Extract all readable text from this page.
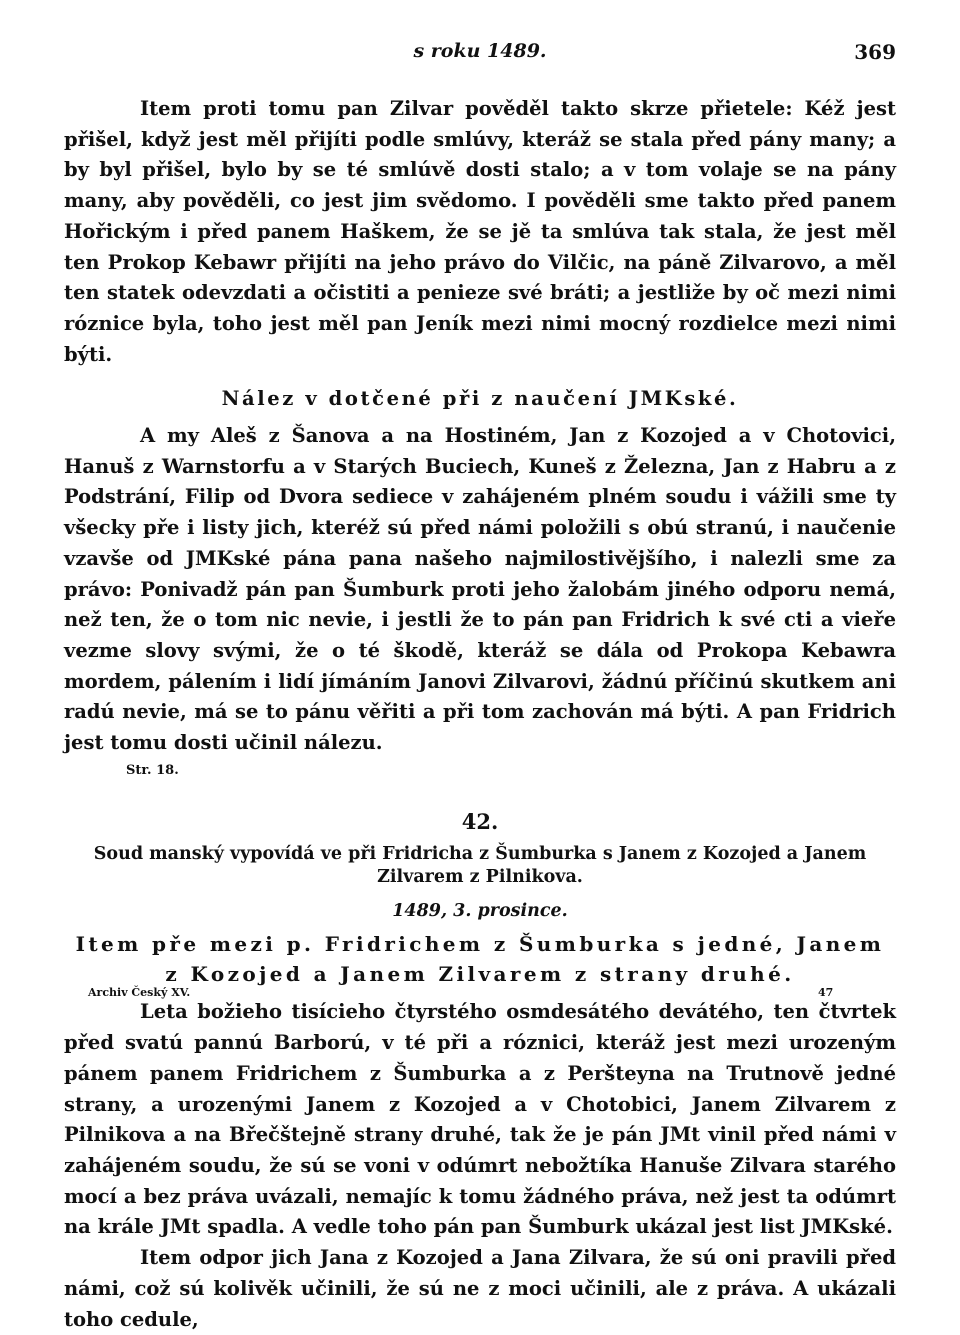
s roku 1489.	369

Item proti tomu pan Zilvar pověděl takto skrze přietele: Kéž jest přišel, když jest měl přijíti podle smlúvy, kteráž se stala před pány many; a by byl přišel, bylo by se té smlúvě dosti stalo; a v tom volaje se na pány many, aby pověděli, co jest jim svědomo. I pověděli sme takto před panem Hořickým i před panem Haškem, že se jě ta smlúva tak stala, že jest měl ten Prokop Kebawr přijíti na jeho právo do Vilčic, na páně Zilvarovo, a měl ten statek odevzdati a očistiti a penieze své bráti; a jestliže by oč mezi nimi róznice byla, toho jest měl pan Jeník mezi nimi mocný rozdielce mezi nimi býti.

Nález v dotčené při z naučení JMKské.

A my Aleš z Šanova a na Hostiném, Jan z Kozojed a v Chotovici, Hanuš z Warnstorfu a v Starých Buciech, Kuneš z Železna, Jan z Habru a z Podstrání, Filip od Dvora sediece v zahájeném plném soudu i vážili sme ty všecky pře i listy jich, kteréž sú před námi položili s obú stranú, i naučenie vzavše od JMKské pána pana našeho najmilostivějšího, i nalezli sme za právo: Ponivadž pán pan Šumburk proti jeho žalobám jiného odporu nemá, než ten, že o tom nic nevie, i jestli že to pán pan Fridrich k své cti a vieře vezme slovy svými, že o té škodě, kteráž se dála od Prokopa Kebawra mordem, pálením i lidí jímáním Janovi Zilvarovi, žádnú příčinú skutkem ani radú nevie, má se to pánu věřiti a při tom zachován má býti. A pan Fridrich jest tomu dosti učinil nálezu.

Str. 18.
42.
Soud manský vypovídá ve při Fridricha z Šumburka s Janem z Kozojed a Janem Zilvarem z Pilnikova.
1489, 3. prosince.
Item pře mezi p. Fridrichem z Šumburka s jedné, Janem z Kozojed a Janem Zilvarem z strany druhé.

Leta božieho tisícieho čtyrstého osmdesátého devátého, ten čtvrtek před svatú pannú Barború, v té při a róznici, kteráž jest mezi urozeným pánem panem Fridrichem z Šumburka a z Peršteyna na Trutnově jedné strany, a urozenými Janem z Kozojed a v Chotobici, Janem Zilvarem z Pilnikova a na Břečštejně strany druhé, tak že je pán JMt vinil před námi v zahájeném soudu, že sú se voni v odúmrt nebožtíka Hanuše Zilvara starého mocí a bez práva uvázali, nemajíc k tomu žádného práva, než jest ta odúmrt na krále JMt spadla. A vedle toho pán pan Šumburk ukázal jest list JMKské.

Item odpor jich Jana z Kozojed a Jana Zilvara, že sú oni pravili před námi, což sú kolivěk učinili, že sú ne z moci učinili, ale z práva. A ukázali toho cedule,

Archiv Český XV.	47
